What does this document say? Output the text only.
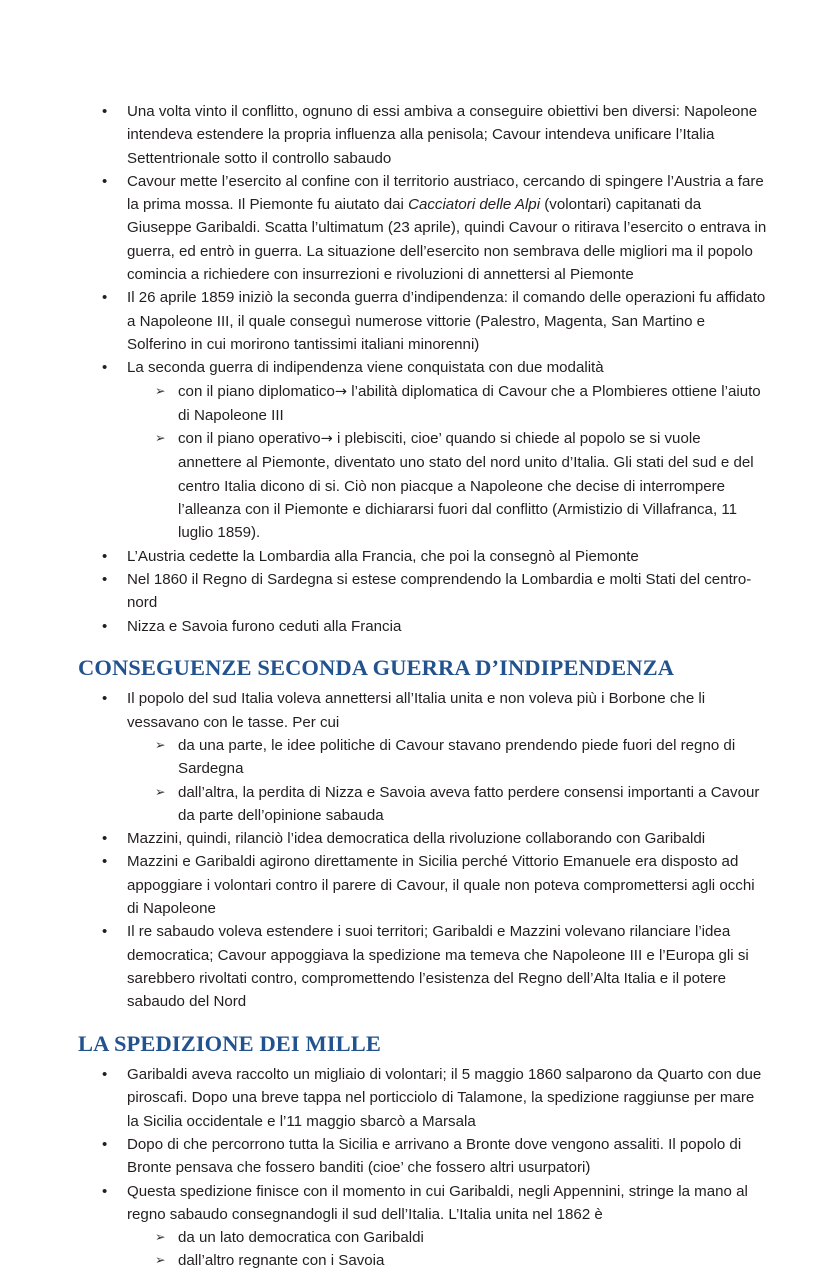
• Una volta vinto il conflitto, ognuno di essi ambiva a conseguire obiettivi ben diversi: Napoleone intendeva estendere la propria influenza alla penisola; Cavour intendeva unificare l’Italia Settentrionale sotto il controllo sabaudo
• Cavour mette l’esercito al confine con il territorio austriaco, cercando di spingere l’Austria a fare la prima mossa. Il Piemonte fu aiutato dai Cacciatori delle Alpi (volontari) capitanati da Giuseppe Garibaldi. Scatta l’ultimatum (23 aprile), quindi Cavour o ritirava l’esercito o entrava in guerra, ed entrò in guerra. La situazione dell’esercito non sembrava delle migliori ma il popolo comincia a richiedere con insurrezioni e rivoluzioni di annettersi al Piemonte
• Il 26 aprile 1859 iniziò la seconda guerra d’indipendenza: il comando delle operazioni fu affidato a Napoleone III, il quale conseguì numerose vittorie (Palestro, Magenta, San Martino e Solferino in cui morirono tantissimi italiani minorenni)
• La seconda guerra di indipendenza viene conquistata con due modalità
➢ con il piano diplomatico→ l’abilità diplomatica di Cavour che a Plombieres ottiene l’aiuto di Napoleone III
➢ con il piano operativo→ i plebisciti, cioe’ quando si chiede al popolo se si vuole annettere al Piemonte, diventato uno stato del nord unito d’Italia. Gli stati del sud e del centro Italia dicono di si. Ciò non piacque a Napoleone che decise di interrompere l’alleanza con il Piemonte e dichiararsi fuori dal conflitto (Armistizio di Villafranca, 11 luglio 1859).
• L’Austria cedette la Lombardia alla Francia, che poi la consegnò al Piemonte
• Nel 1860 il Regno di Sardegna si estese comprendendo la Lombardia e molti Stati del centro-nord
• Nizza e Savoia furono ceduti alla Francia
CONSEGUENZE SECONDA GUERRA D’INDIPENDENZA
• Il popolo del sud Italia voleva annettersi all’Italia unita e non voleva più i Borbone che li vessavano con le tasse. Per cui
➢ da una parte, le idee politiche di Cavour stavano prendendo piede fuori del regno di Sardegna
➢ dall’altra, la perdita di Nizza e Savoia aveva fatto perdere consensi importanti a Cavour da parte dell’opinione sabauda
• Mazzini, quindi, rilanciò l’idea democratica della rivoluzione collaborando con Garibaldi
• Mazzini e Garibaldi agirono direttamente in Sicilia perché Vittorio Emanuele era disposto ad appoggiare i volontari contro il parere di Cavour, il quale non poteva compromettersi agli occhi di Napoleone
• Il re sabaudo voleva estendere i suoi territori; Garibaldi e Mazzini volevano rilanciare l’idea democratica; Cavour appoggiava la spedizione ma temeva che Napoleone III e l’Europa gli si sarebbero rivoltati contro, compromettendo l’esistenza del Regno dell’Alta Italia e il potere sabaudo del Nord
LA SPEDIZIONE DEI MILLE
• Garibaldi aveva raccolto un migliaio di volontari; il 5 maggio 1860 salparono da Quarto con due piroscafi. Dopo una breve tappa nel porticciolo di Talamone, la spedizione raggiunse per mare la Sicilia occidentale e l’11 maggio sbarcò a Marsala
• Dopo di che percorrono tutta la Sicilia e arrivano a Bronte dove vengono assaliti. Il popolo di Bronte pensava che fossero banditi (cioe’ che fossero altri usurpatori)
• Questa spedizione finisce con il momento in cui Garibaldi, negli Appennini, stringe la mano al regno sabaudo consegnandogli il sud dell’Italia. L’Italia unita nel 1862 è
➢ da un lato democratica con Garibaldi
➢ dall’altro regnante con i Savoia
